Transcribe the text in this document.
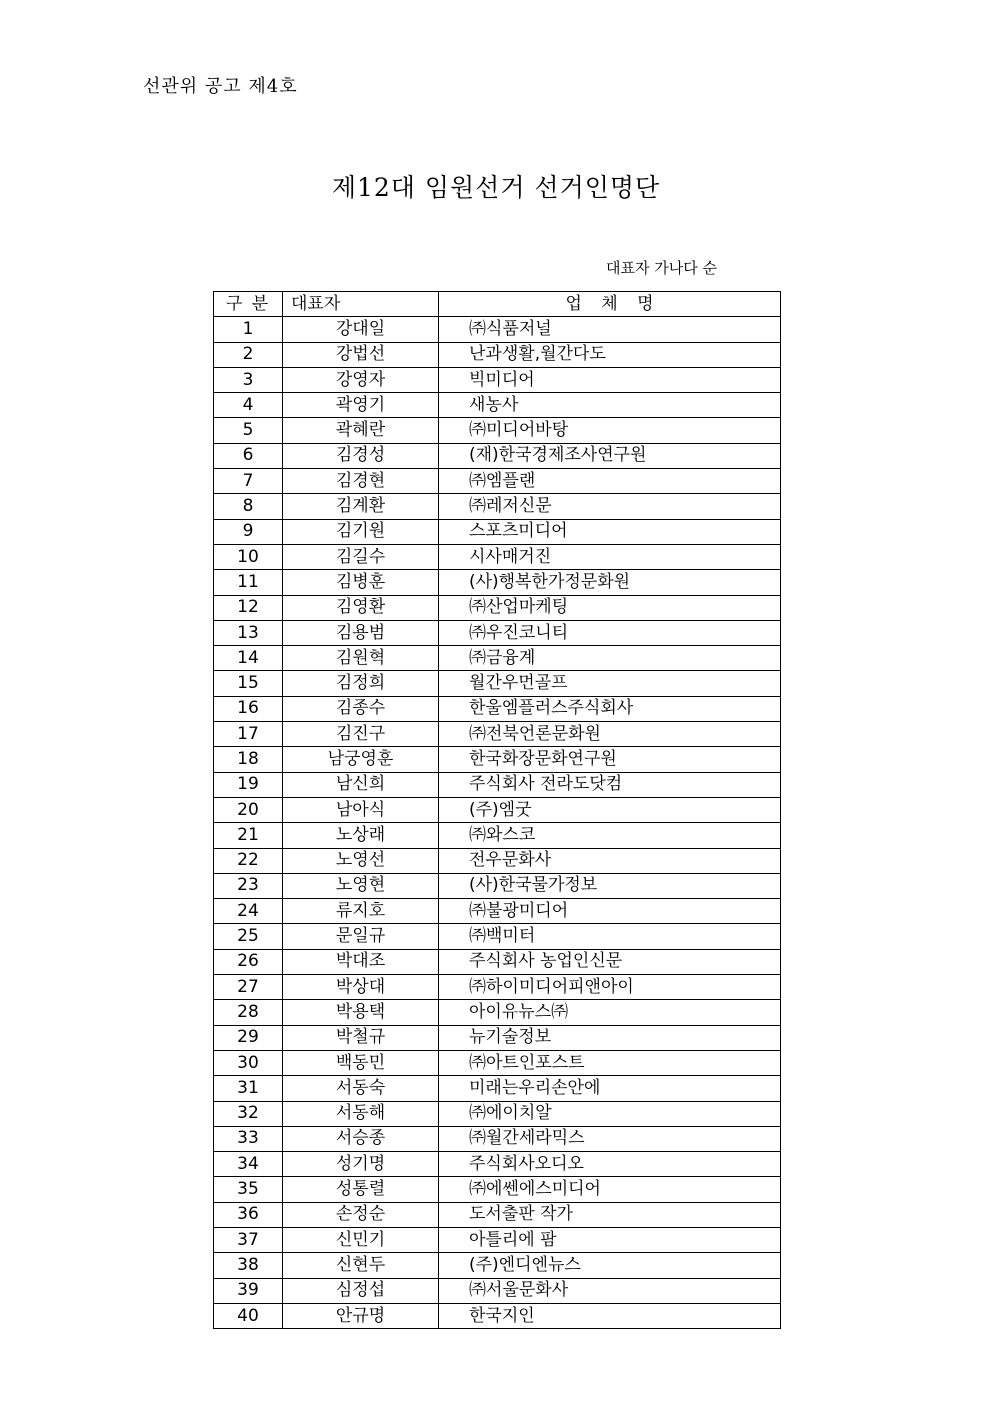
선관위 공고 제4호
제12대 임원선거 선거인명단
대표자 가나다 순
구 분	대표자	업 체 명
1	강대일	㈜식품저널
2	강법선	난과생활,월간다도
3	강영자	빅미디어
4	곽영기	새농사
5	곽혜란	㈜미디어바탕
6	김경성	(재)한국경제조사연구원
7	김경현	㈜엠플랜
8	김계환	㈜레저신문
9	김기원	스포츠미디어
10	김길수	시사매거진
11	김병훈	(사)행복한가정문화원
12	김영환	㈜산업마케팅
13	김용범	㈜우진코니티
14	김원혁	㈜금융계
15	김정희	월간우먼골프
16	김종수	한울엠플러스주식회사
17	김진구	㈜전북언론문화원
18	남궁영훈	한국화장문화연구원
19	남신희	주식회사 전라도닷컴
20	남아식	(주)엠굿
21	노상래	㈜와스코
22	노영선	전우문화사
23	노영현	(사)한국물가정보
24	류지호	㈜불광미디어
25	문일규	㈜백미터
26	박대조	주식회사 농업인신문
27	박상대	㈜하이미디어피앤아이
28	박용택	아이유뉴스㈜
29	박철규	뉴기술정보
30	백동민	㈜아트인포스트
31	서동숙	미래는우리손안에
32	서동해	㈜에이치알
33	서승종	㈜월간세라믹스
34	성기명	주식회사오디오
35	성통렬	㈜에쎈에스미디어
36	손정순	도서출판 작가
37	신민기	아틀리에 팜
38	신현두	(주)엔디엔뉴스
39	심정섭	㈜서울문화사
40	안규명	한국지인
